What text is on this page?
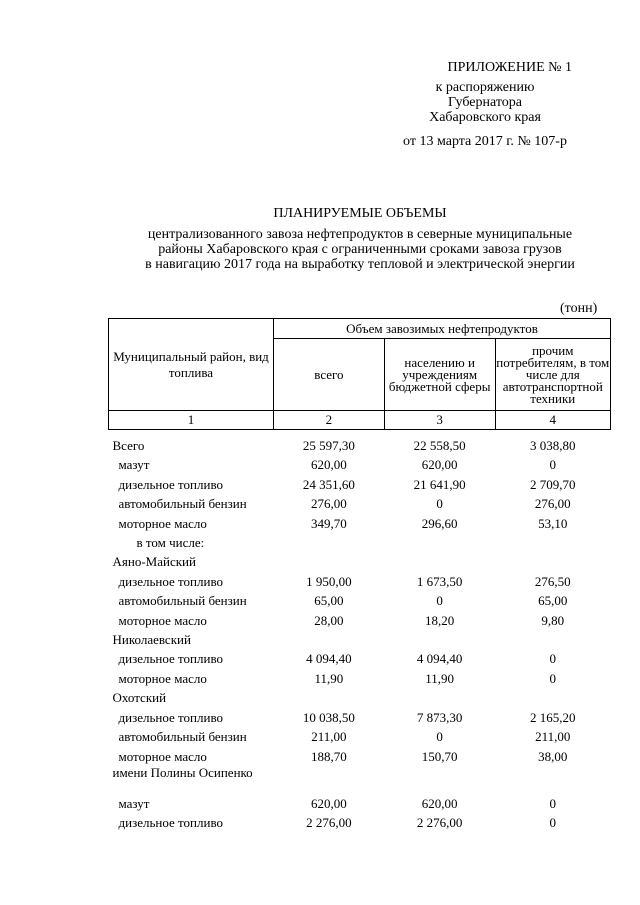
ПРИЛОЖЕНИЕ № 1
к распоряжению
Губернатора
Хабаровского края
от 13 марта 2017 г. № 107-р
ПЛАНИРУЕМЫЕ ОБЪЕМЫ
централизованного завоза нефтепродуктов в северные муниципальные
районы Хабаровского края с ограниченными сроками завоза грузов
в навигацию 2017 года на выработку тепловой и электрической энергии
(тонн)
Муниципальный район, вид топлива	Объем завозимых нефтепродуктов		
	всего	населению и учреждениям бюджетной сферы	прочим потребителям, в том числе для автотранспортной техники
1	2	3	4
Всего	25 597,30	22 558,50	3 038,80
мазут	620,00	620,00	0
дизельное топливо	24 351,60	21 641,90	2 709,70
автомобильный бензин	276,00	0	276,00
моторное масло	349,70	296,60	53,10
в том числе:			
Аяно-Майский			
дизельное топливо	1 950,00	1 673,50	276,50
автомобильный бензин	65,00	0	65,00
моторное масло	28,00	18,20	9,80
Николаевский			
дизельное топливо	4 094,40	4 094,40	0
моторное масло	11,90	11,90	0
Охотский			
дизельное топливо	10 038,50	7 873,30	2 165,20
автомобильный бензин	211,00	0	211,00
моторное масло	188,70	150,70	38,00
имени Полины Осипенко			
мазут	620,00	620,00	0
дизельное топливо	2 276,00	2 276,00	0
